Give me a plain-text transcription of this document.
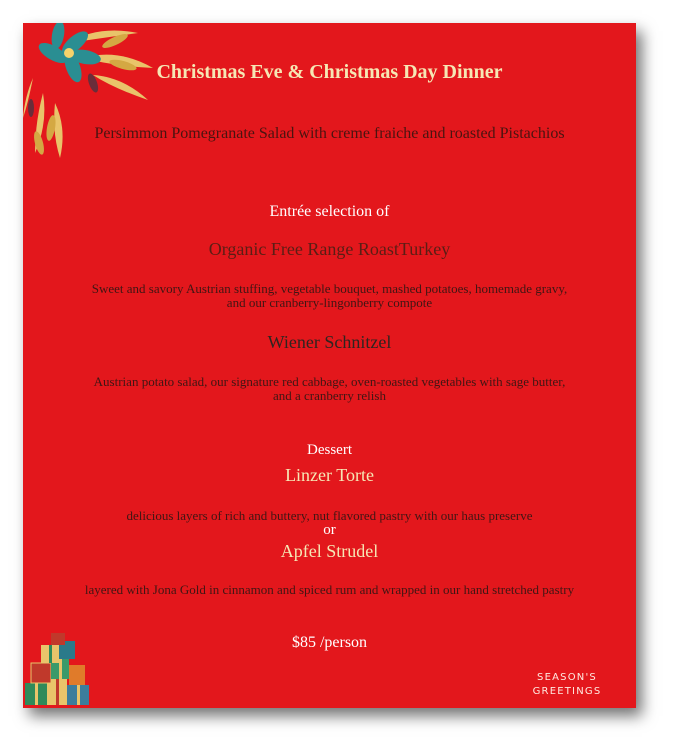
Christmas Eve & Christmas Day Dinner

Persimmon Pomegranate Salad with creme fraiche and roasted Pistachios

Entrée selection of

Organic Free Range RoastTurkey

Sweet and savory Austrian stuffing, vegetable bouquet, mashed potatoes, homemade gravy, and our cranberry-lingonberry compote

Wiener Schnitzel

Austrian potato salad, our signature red cabbage, oven-roasted vegetables with sage butter, and a cranberry relish

Dessert

Linzer Torte

delicious layers of rich and buttery, nut flavored pastry with our haus preserve

or

Apfel Strudel

layered with Jona Gold in cinnamon and spiced rum and wrapped in our hand stretched pastry

$85 /person

SEASON'S
GREETINGS
